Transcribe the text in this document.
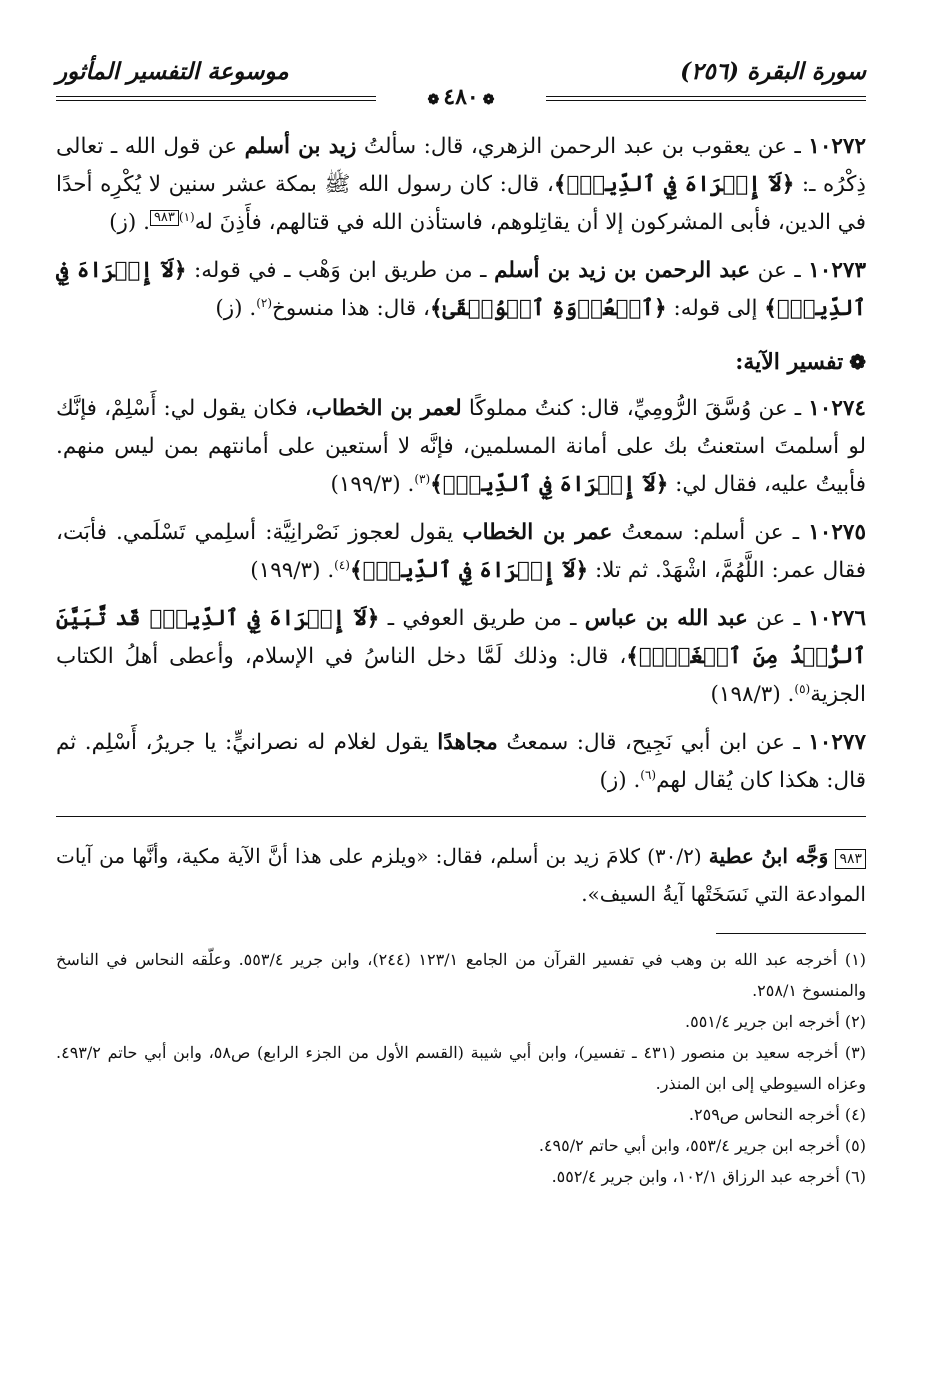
سورة البقرة (٢٥٦)
موسوعة التفسير المأثور
❁٤٨٠❁

١٠٢٧٢ ـ عن يعقوب بن عبد الرحمن الزهري، قال: سألتُ زيد بن أسلم عن قول الله ـ تعالى ذِكْرُه ـ: ﴿لَآ إِكۡرَاهَ فِي ٱلدِّينِۖ﴾، قال: كان رسول الله ﷺ بمكة عشر سنين لا يُكْرِه أحدًا في الدين، فأبى المشركون إلا أن يقاتِلوهم، فاستأذن الله في قتالهم، فأَذِنَ له$^{(١)}$٩٨٣. (ز)

١٠٢٧٣ ـ عن عبد الرحمن بن زيد بن أسلم ـ من طريق ابن وَهْب ـ في قوله: ﴿لَآ إِكۡرَاهَ فِي ٱلدِّينِۖ﴾ إلى قوله: ﴿ٱلۡعُرۡوَةِ ٱلۡوُثۡقَىٰ﴾، قال: هذا منسوخ$^{(٢)}$. (ز)

❁تفسير الآية:

١٠٢٧٤ ـ عن وُسَّقَ الرُّومِيِّ، قال: كنتُ مملوكًا لعمر بن الخطاب، فكان يقول لي: أَسْلِمْ، فإنَّك لو أسلمتَ استعنتُ بك على أمانة المسلمين، فإنَّه لا أستعين على أمانتهم بمن ليس منهم. فأبيتُ عليه، فقال لي: ﴿لَآ إِكۡرَاهَ فِي ٱلدِّينِۖ﴾$^{(٣)}$. (١٩٩/٣)

١٠٢٧٥ ـ عن أسلم: سمعتُ عمر بن الخطاب يقول لعجوز نَصْرانِيَّة: أسلِمي تَسْلَمي. فأبَت، فقال عمر: اللَّهُمَّ، اشْهَدْ. ثم تلا: ﴿لَآ إِكۡرَاهَ فِي ٱلدِّينِۖ﴾$^{(٤)}$. (١٩٩/٣)

١٠٢٧٦ ـ عن عبد الله بن عباس ـ من طريق العوفي ـ ﴿لَآ إِكۡرَاهَ فِي ٱلدِّينِۖ قَد تَّبَيَّنَ ٱلرُّشۡدُ مِنَ ٱلۡغَيِّۚ﴾، قال: وذلك لَمَّا دخل الناسُ في الإسلام، وأعطى أهلُ الكتاب الجزية$^{(٥)}$. (١٩٨/٣)

١٠٢٧٧ ـ عن ابن أبي نَجِيح، قال: سمعتُ مجاهدًا يقول لغلام له نصرانيٍّ: يا جريرُ، أَسْلِم. ثم قال: هكذا كان يُقال لهم$^{(٦)}$. (ز)

٩٨٣ وَجَّه ابنُ عطية (٣٠/٢) كلامَ زيد بن أسلم، فقال: «ويلزم على هذا أنَّ الآية مكية، وأنَّها من آيات الموادعة التي نَسَخَتْها آيةُ السيف».

(١) أخرجه عبد الله بن وهب في تفسير القرآن من الجامع ١٢٣/١ (٢٤٤)، وابن جرير ٥٥٣/٤. وعلّقه النحاس في الناسخ والمنسوخ ٢٥٨/١.
(٢) أخرجه ابن جرير ٥٥١/٤.
(٣) أخرجه سعيد بن منصور (٤٣١ ـ تفسير)، وابن أبي شيبة (القسم الأول من الجزء الرابع) ص٥٨، وابن أبي حاتم ٤٩٣/٢. وعزاه السيوطي إلى ابن المنذر.
(٤) أخرجه النحاس ص٢٥٩.
(٥) أخرجه ابن جرير ٥٥٣/٤، وابن أبي حاتم ٤٩٥/٢.
(٦) أخرجه عبد الرزاق ١٠٢/١، وابن جرير ٥٥٢/٤.
